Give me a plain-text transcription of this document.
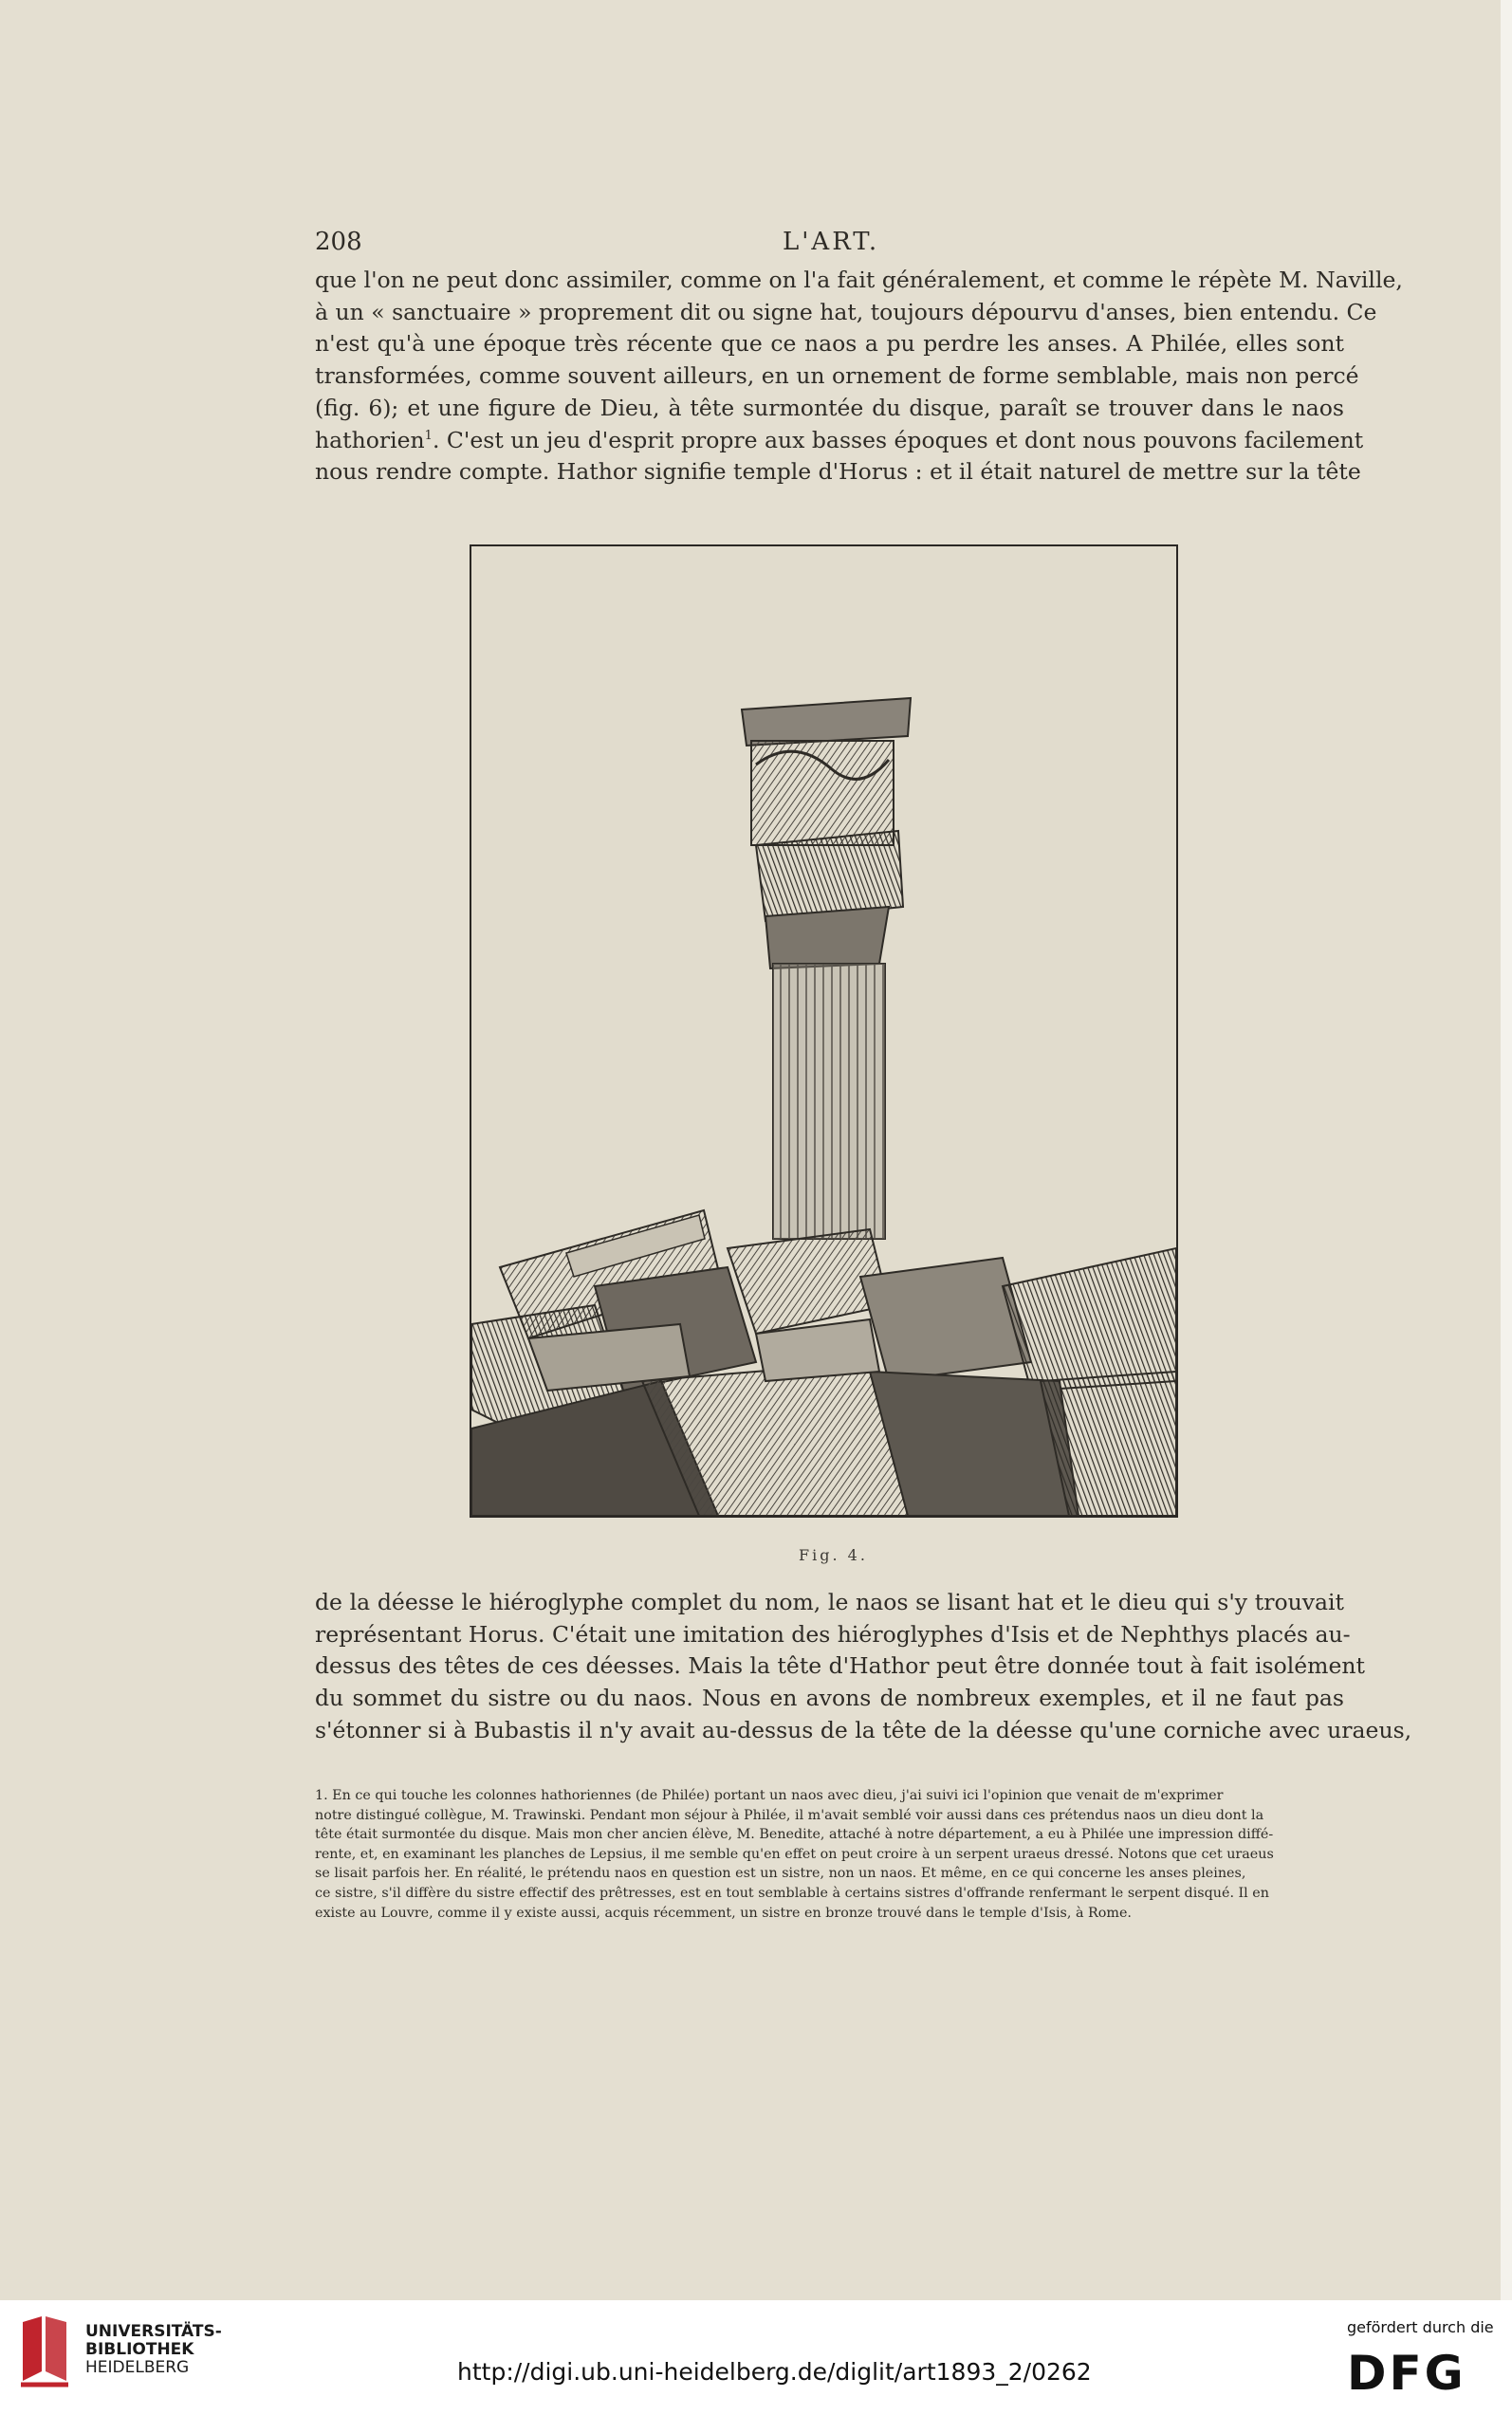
208	L'ART.

que l'on ne peut donc assimiler, comme on l'a fait généralement, et comme le répète M. Naville,
à un « sanctuaire » proprement dit ou signe hat, toujours dépourvu d'anses, bien entendu. Ce
n'est qu'à une époque très récente que ce naos a pu perdre les anses. A Philée, elles sont
transformées, comme souvent ailleurs, en un ornement de forme semblable, mais non percé
(fig. 6); et une figure de Dieu, à tête surmontée du disque, paraît se trouver dans le naos
hathorien$^1$. C'est un jeu d'esprit propre aux basses époques et dont nous pouvons facilement
nous rendre compte. Hathor signifie temple d'Horus : et il était naturel de mettre sur la tête

Fig. 4.

de la déesse le hiéroglyphe complet du nom, le naos se lisant hat et le dieu qui s'y trouvait
représentant Horus. C'était une imitation des hiéroglyphes d'Isis et de Nephthys placés au-
dessus des têtes de ces déesses. Mais la tête d'Hathor peut être donnée tout à fait isolément
du sommet du sistre ou du naos. Nous en avons de nombreux exemples, et il ne faut pas
s'étonner si à Bubastis il n'y avait au-dessus de la tête de la déesse qu'une corniche avec uraeus,

1. En ce qui touche les colonnes hathoriennes (de Philée) portant un naos avec dieu, j'ai suivi ici l'opinion que venait de m'exprimer
notre distingué collègue, M. Trawinski. Pendant mon séjour à Philée, il m'avait semblé voir aussi dans ces prétendus naos un dieu dont la
tête était surmontée du disque. Mais mon cher ancien élève, M. Benedite, attaché à notre département, a eu à Philée une impression diffé-
rente, et, en examinant les planches de Lepsius, il me semble qu'en effet on peut croire à un serpent uraeus dressé. Notons que cet uraeus
se lisait parfois her. En réalité, le prétendu naos en question est un sistre, non un naos. Et même, en ce qui concerne les anses pleines,
ce sistre, s'il diffère du sistre effectif des prêtresses, est en tout semblable à certains sistres d'offrande renfermant le serpent disqué. Il en
existe au Louvre, comme il y existe aussi, acquis récemment, un sistre en bronze trouvé dans le temple d'Isis, à Rome.

UNIVERSITÄTS-
BIBLIOTHEK
HEIDELBERG	http://digi.ub.uni-heidelberg.de/diglit/art1893_2/0262
gefördert durch die
DFG
